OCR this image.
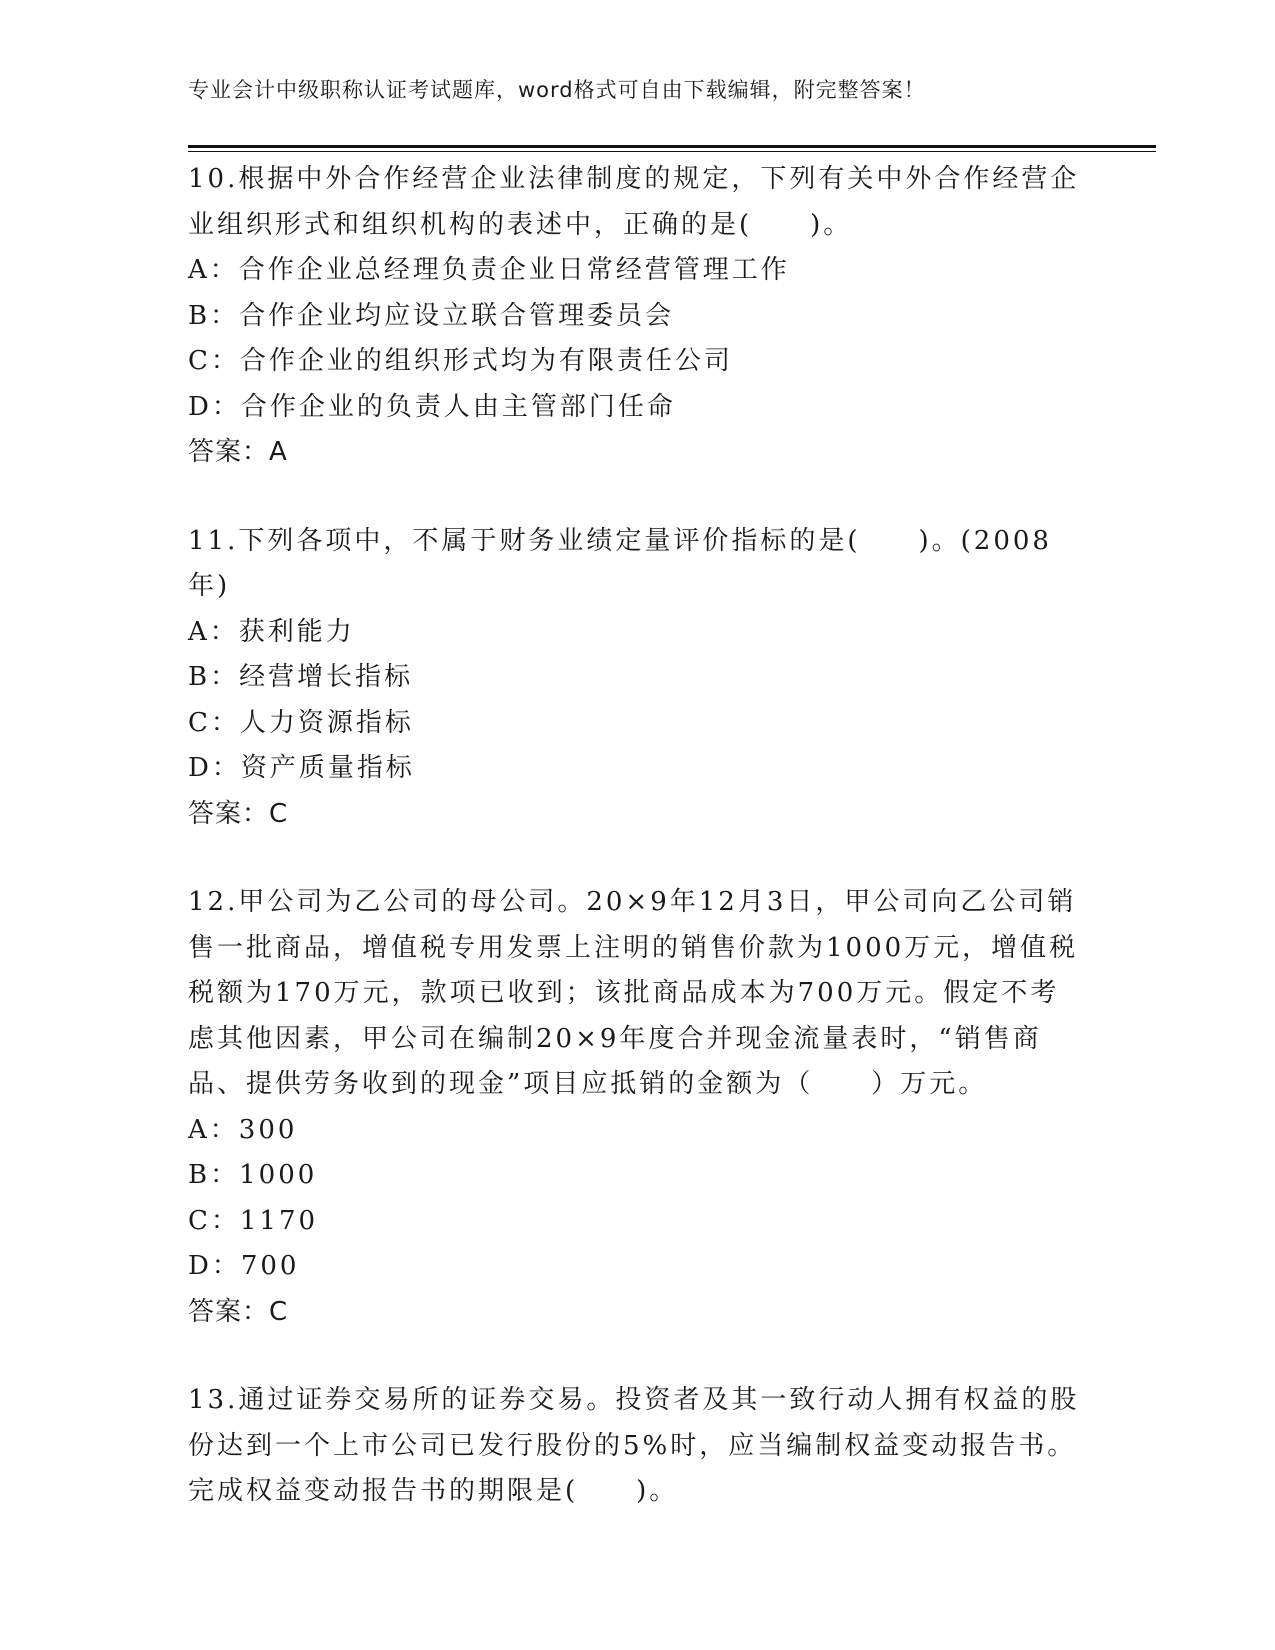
专业会计中级职称认证考试题库，word格式可自由下载编辑，附完整答案！

10.根据中外合作经营企业法律制度的规定，下列有关中外合作经营企

业组织形式和组织机构的表述中，正确的是(　　)。

A：合作企业总经理负责企业日常经营管理工作

B：合作企业均应设立联合管理委员会

C：合作企业的组织形式均为有限责任公司

D：合作企业的负责人由主管部门任命

答案：A

11.下列各项中，不属于财务业绩定量评价指标的是(　　)。(2008年)

A：获利能力

B：经营增长指标

C：人力资源指标

D：资产质量指标

答案：C

12.甲公司为乙公司的母公司。20×9年12月3日，甲公司向乙公司销

售一批商品，增值税专用发票上注明的销售价款为1000万元，增值税

税额为170万元，款项已收到；该批商品成本为700万元。假定不考

虑其他因素，甲公司在编制20×9年度合并现金流量表时，“销售商

品、提供劳务收到的现金”项目应抵销的金额为（　　）万元。

A：300

B：1000

C：1170

D：700

答案：C

13.通过证券交易所的证券交易。投资者及其一致行动人拥有权益的股

份达到一个上市公司已发行股份的5%时，应当编制权益变动报告书。

完成权益变动报告书的期限是(　　)。
